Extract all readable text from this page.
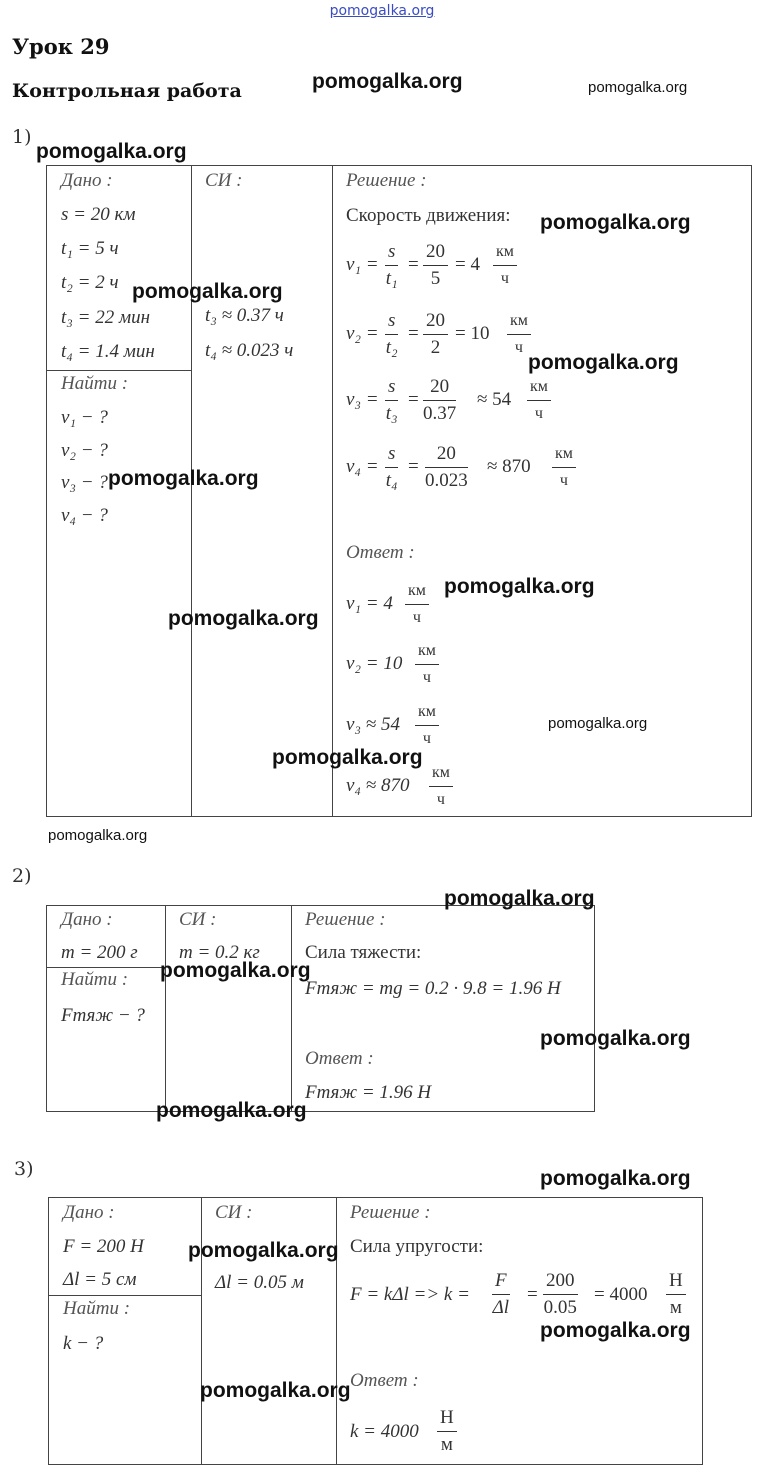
pomogalka.org
Урок 29
Контрольная работа
1)
Дано :
s = 20 км
t₁ = 5 ч
t₂ = 2 ч
t₃ = 22 мин
t₄ = 1.4 мин
Найти :
v₁ − ?
v₂ − ?
v₃ − ?
v₄ − ?
СИ :
t₃ ≈ 0.37 ч
t₄ ≈ 0.023 ч
Решение :
Скорость движения:
$v_1 = \frac{s}{\text{t₁}} = \frac{20}{5} = 4$
км
ч
$v_2 = \frac{s}{\text{t₂}} = \frac{20}{2} = 10$
км
ч
$v_3 = \frac{s}{\text{t₃}} = \frac{20}{0.37} \approx 54$
км
ч
$v_4 = \frac{s}{\text{t₄}} = \frac{20}{0.023} \approx 870$
км
ч
Ответ :
v₁ = 4
км
ч
v₂ = 10
км
ч
v₃ ≈ 54
км
ч
v₄ ≈ 870
км
ч
2)
Дано :
m = 200 г
Найти :
Fтяж − ?
СИ :
m = 0.2 кг
Решение :
Сила тяжести:
Fтяж = mg = 0.2 · 9.8 = 1.96 Н
Ответ :
Fтяж = 1.96 Н
3)
Дано :
F = 200 Н
Δl = 5 см
Найти :
k − ?
СИ :
Δl = 0.05 м
Решение :
Сила упругости:
$F = k\Delta l => k = \frac{F}{\Delta l} = \frac{200}{0.05} = 4000$
Н
м
Ответ :
k = 4000
Н
м
pomogalka.org	pomogalka.org
pomogalka.org
pomogalka.org
pomogalka.org
pomogalka.org
pomogalka.org
pomogalka.org
pomogalka.org
pomogalka.org
pomogalka.org
pomogalka.org
pomogalka.org
pomogalka.org
pomogalka.org
pomogalka.org
pomogalka.org
pomogalka.org
pomogalka.org
pomogalka.org
